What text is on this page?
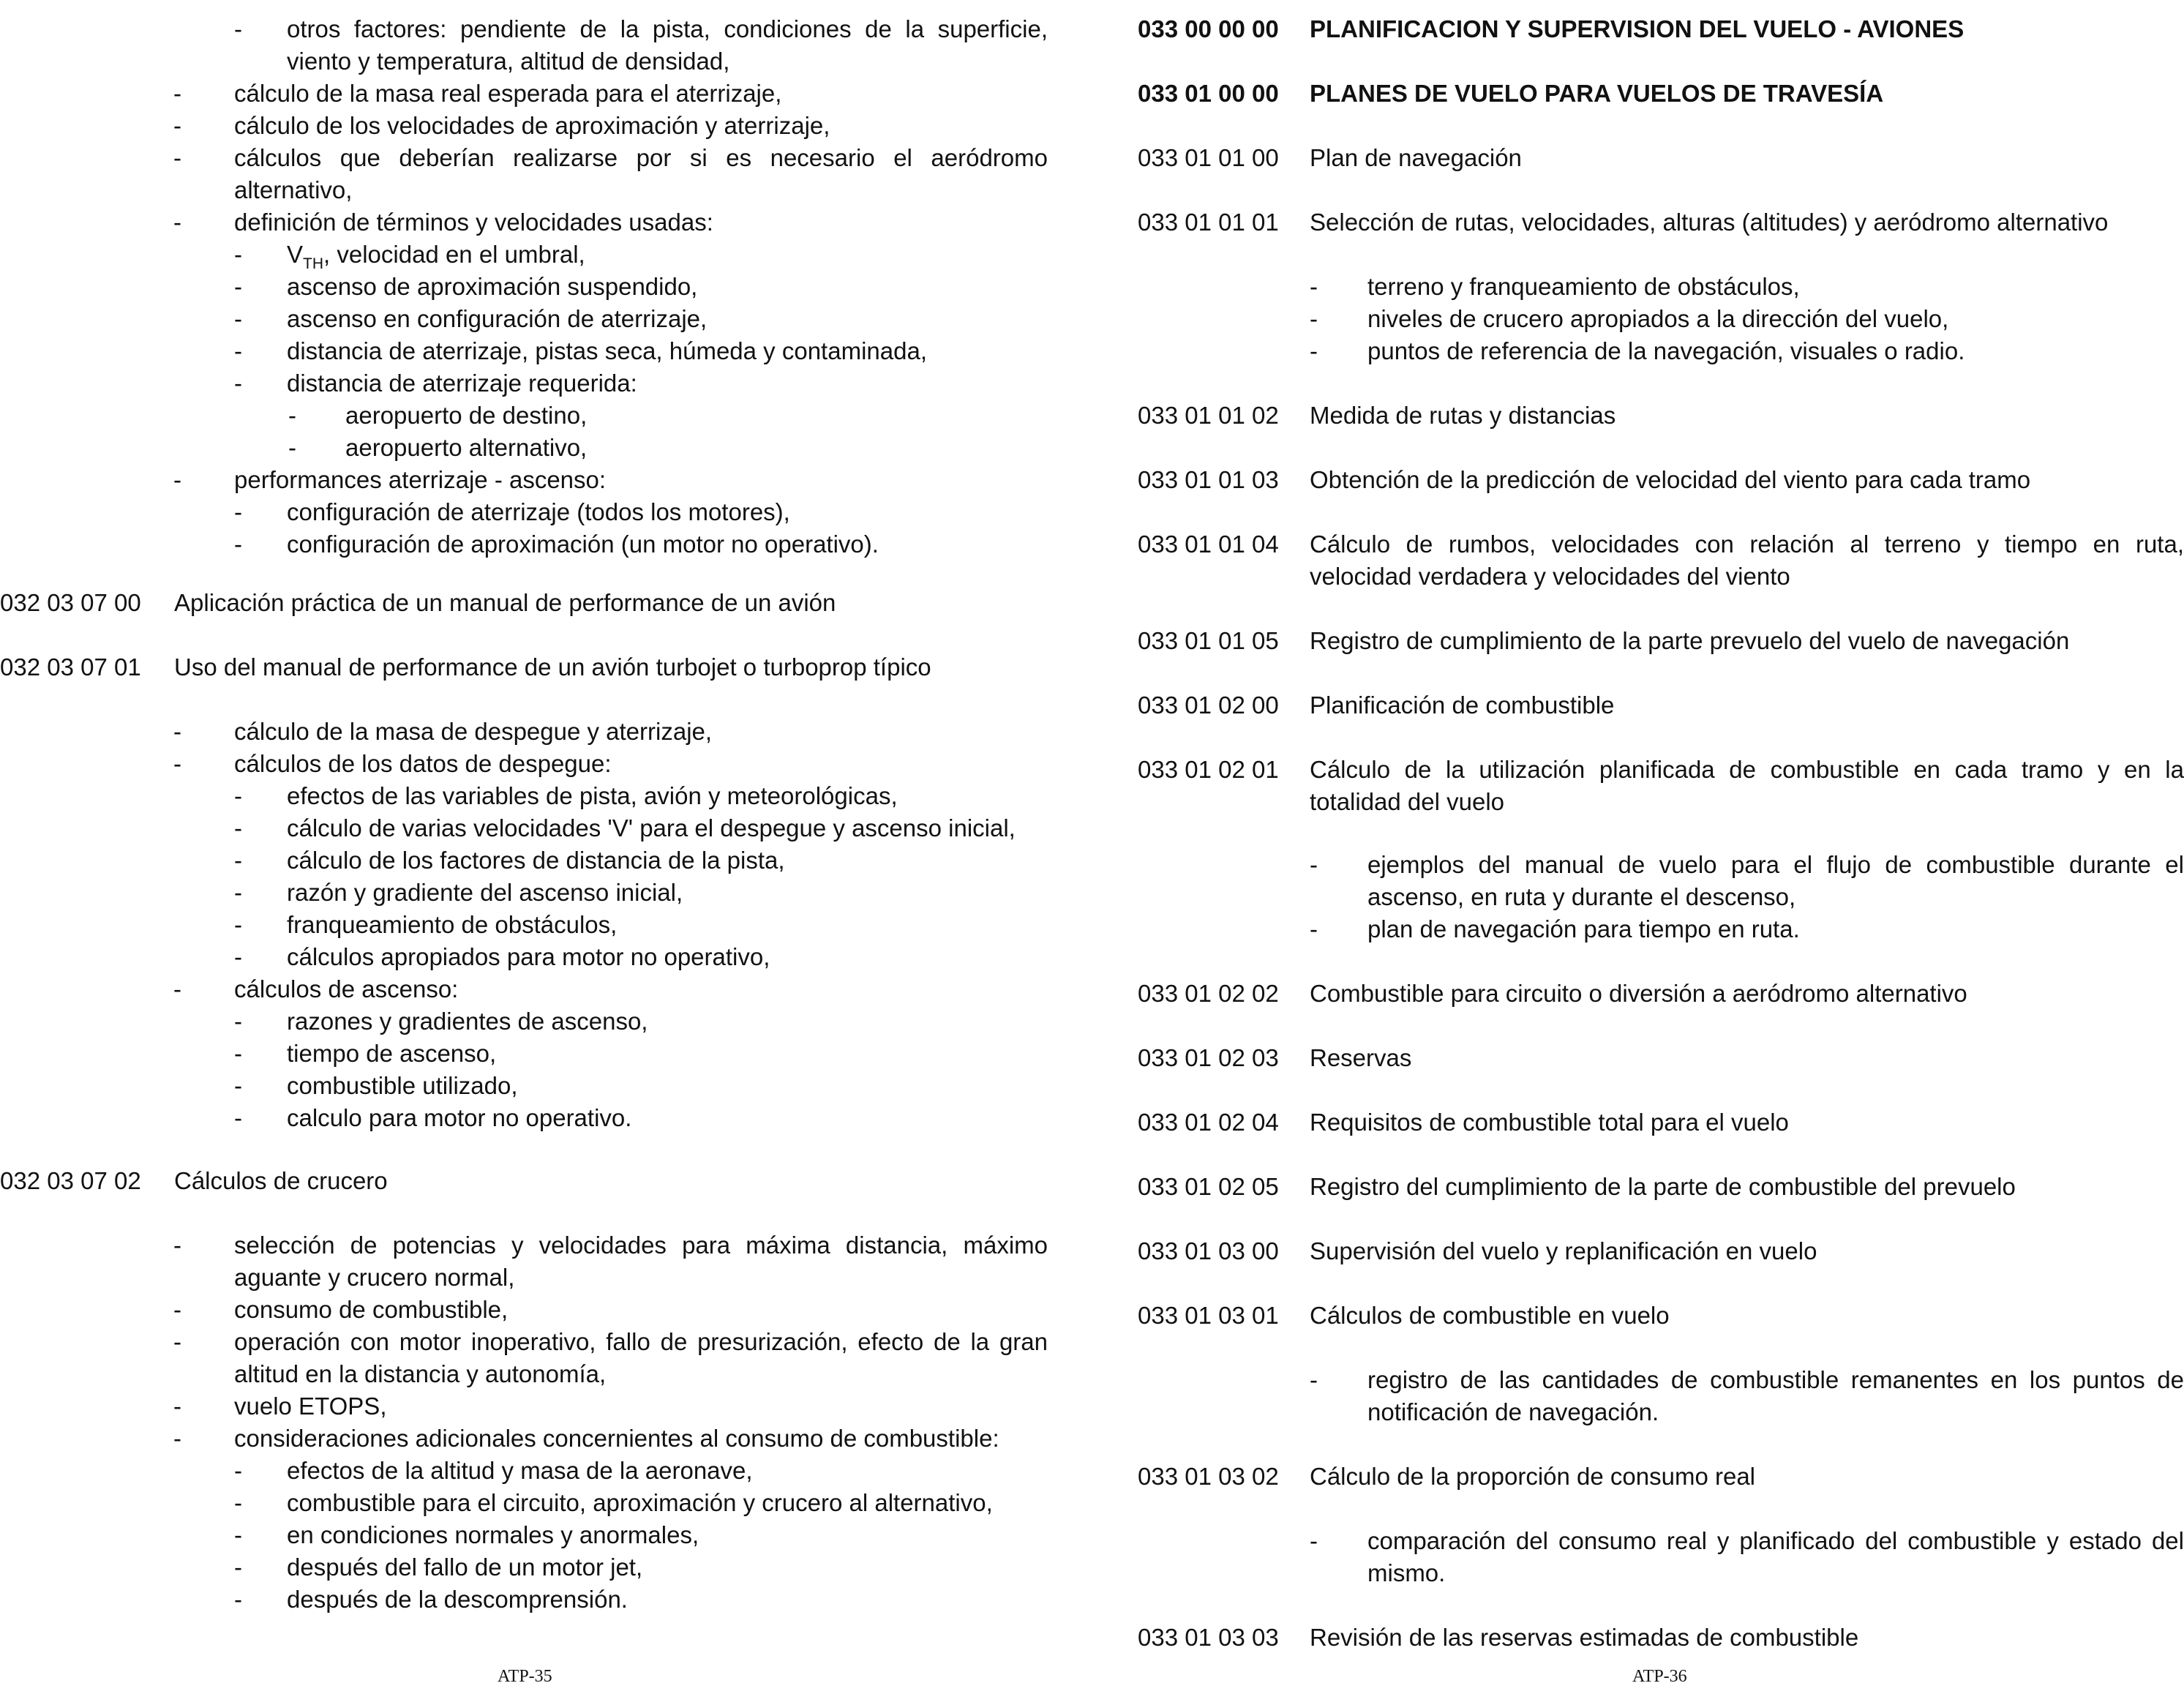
- otros factores: pendiente de la pista, condiciones de la superficie,
viento y temperatura, altitud de densidad,
- cálculo de la masa real esperada para el aterrizaje,
- cálculo de los velocidades de aproximación y aterrizaje,
- cálculos que deberían realizarse por si es necesario el aeródromo
alternativo,
- definición de términos y velocidades usadas:
- $V_{TH}$, velocidad en el umbral,
- ascenso de aproximación suspendido,
- ascenso en configuración de aterrizaje,
- distancia de aterrizaje, pistas seca, húmeda y contaminada,
- distancia de aterrizaje requerida:
- aeropuerto de destino,
- aeropuerto alternativo,
- performances aterrizaje - ascenso:
- configuración de aterrizaje (todos los motores),
- configuración de aproximación (un motor no operativo).
032 03 07 00 Aplicación práctica de un manual de performance de un avión
032 03 07 01 Uso del manual de performance de un avión turbojet o turboprop típico
- cálculo de la masa de despegue y aterrizaje,
- cálculos de los datos de despegue:
- efectos de las variables de pista, avión y meteorológicas,
- cálculo de varias velocidades 'V' para el despegue y ascenso inicial,
- cálculo de los factores de distancia de la pista,
- razón y gradiente del ascenso inicial,
- franqueamiento de obstáculos,
- cálculos apropiados para motor no operativo,
- cálculos de ascenso:
- razones y gradientes de ascenso,
- tiempo de ascenso,
- combustible utilizado,
- calculo para motor no operativo.
032 03 07 02 Cálculos de crucero
- selección de potencias y velocidades para máxima distancia, máximo
aguante y crucero normal,
- consumo de combustible,
- operación con motor inoperativo, fallo de presurización, efecto de la gran
altitud en la distancia y autonomía,
- vuelo ETOPS,
- consideraciones adicionales concernientes al consumo de combustible:
- efectos de la altitud y masa de la aeronave,
- combustible para el circuito, aproximación y crucero al alternativo,
- en condiciones normales y anormales,
- después del fallo de un motor jet,
- después de la descomprensión.
ATP-35
033 00 00 00 PLANIFICACION Y SUPERVISION DEL VUELO - AVIONES
033 01 00 00 PLANES DE VUELO PARA VUELOS DE TRAVESÍA
033 01 01 00 Plan de navegación
033 01 01 01 Selección de rutas, velocidades, alturas (altitudes) y aeródromo alternativo
- terreno y franqueamiento de obstáculos,
- niveles de crucero apropiados a la dirección del vuelo,
- puntos de referencia de la navegación, visuales o radio.
033 01 01 02 Medida de rutas y distancias
033 01 01 03 Obtención de la predicción de velocidad del viento para cada tramo
033 01 01 04 Cálculo de rumbos, velocidades con relación al terreno y tiempo en ruta,
velocidad verdadera y velocidades del viento
033 01 01 05 Registro de cumplimiento de la parte prevuelo del vuelo de navegación
033 01 02 00 Planificación de combustible
033 01 02 01 Cálculo de la utilización planificada de combustible en cada tramo y en la
totalidad del vuelo
- ejemplos del manual de vuelo para el flujo de combustible durante el
ascenso, en ruta y durante el descenso,
- plan de navegación para tiempo en ruta.
033 01 02 02 Combustible para circuito o diversión a aeródromo alternativo
033 01 02 03 Reservas
033 01 02 04 Requisitos de combustible total para el vuelo
033 01 02 05 Registro del cumplimiento de la parte de combustible del prevuelo
033 01 03 00 Supervisión del vuelo y replanificación en vuelo
033 01 03 01 Cálculos de combustible en vuelo
- registro de las cantidades de combustible remanentes en los puntos de
notificación de navegación.
033 01 03 02 Cálculo de la proporción de consumo real
- comparación del consumo real y planificado del combustible y estado del
mismo.
033 01 03 03 Revisión de las reservas estimadas de combustible
ATP-36
